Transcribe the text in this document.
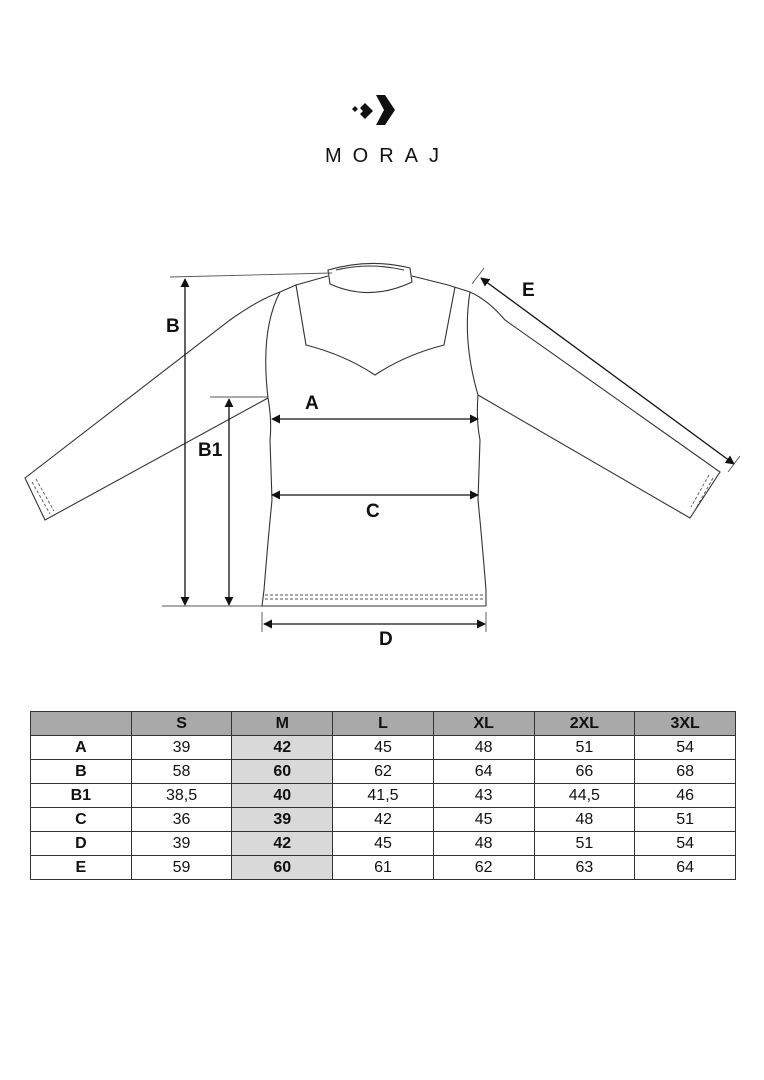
MORAJ
A
B
B1
C
D
E
	S	M	L	XL	2XL	3XL
A	39	42	45	48	51	54
B	58	60	62	64	66	68
B1	38,5	40	41,5	43	44,5	46
C	36	39	42	45	48	51
D	39	42	45	48	51	54
E	59	60	61	62	63	64
